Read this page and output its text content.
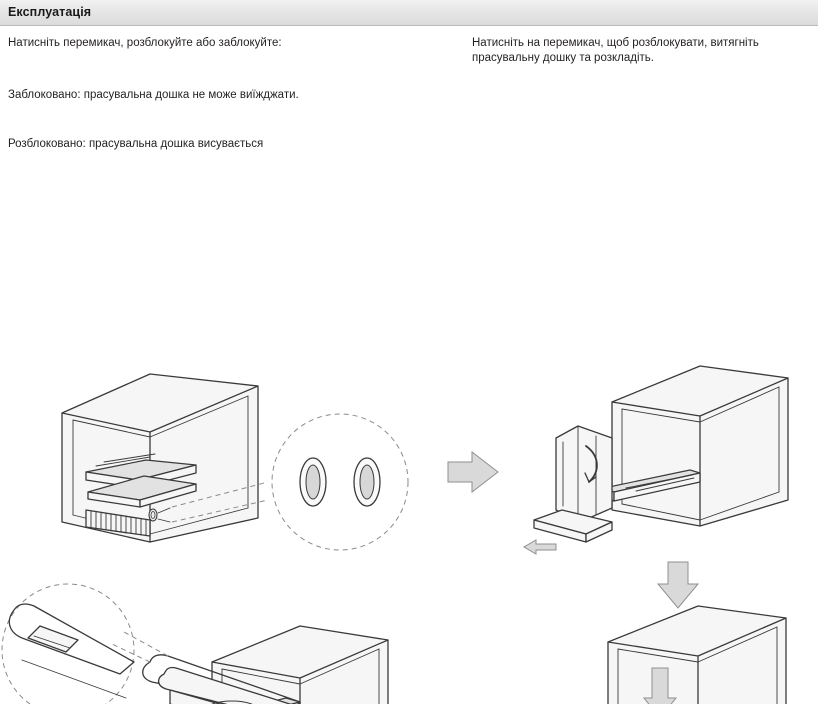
Експлуатація
Натисніть перемикач, розблокуйте або заблокуйте:
Заблоковано: прасувальна дошка не може виїжджати.
Розблоковано: прасувальна дошка висувається
Натисніть на перемикач, щоб розблокувати, витягніть прасувальну дошку та розкладіть.
